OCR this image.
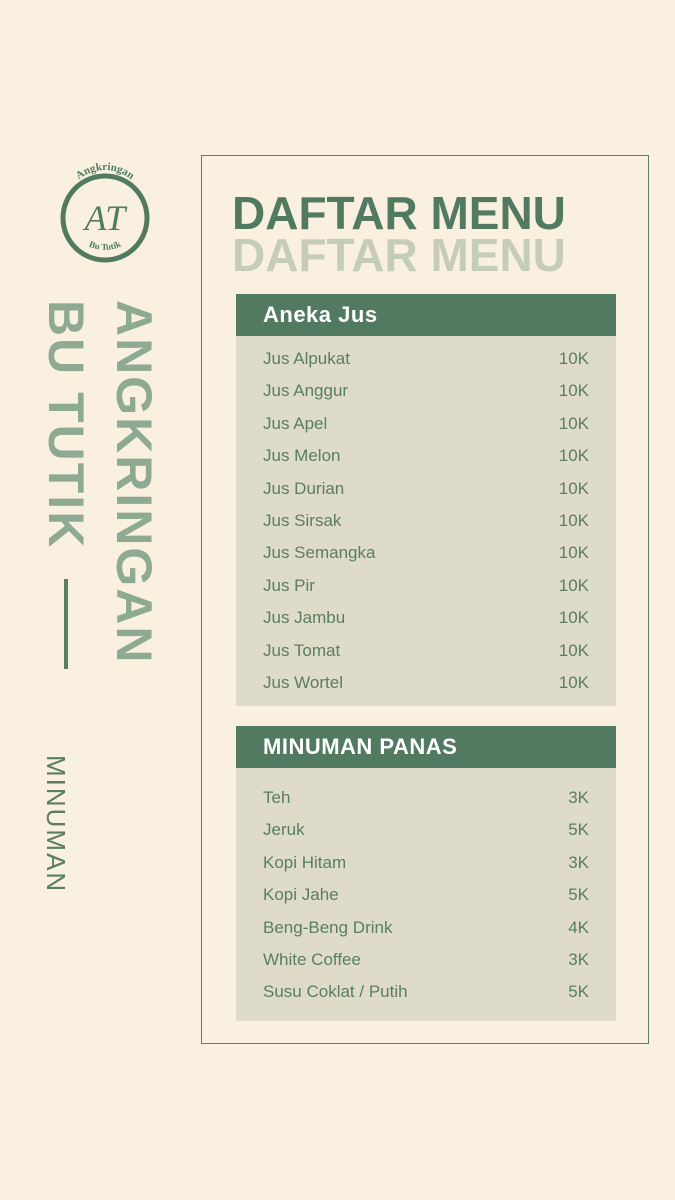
Angkringan
AT
Bu Tutik
ANGKRINGAN
BU TUTIK
MINUMAN
DAFTAR MENU
DAFTAR MENU
Aneka Jus
Jus Alpukat	10K
Jus Anggur	10K
Jus Apel	10K
Jus Melon	10K
Jus Durian	10K
Jus Sirsak	10K
Jus Semangka	10K
Jus Pir	10K
Jus Jambu	10K
Jus Tomat	10K
Jus Wortel	10K
MINUMAN PANAS
Teh	3K
Jeruk	5K
Kopi Hitam	3K
Kopi Jahe	5K
Beng-Beng Drink	4K
White Coffee	3K
Susu Coklat / Putih	5K
